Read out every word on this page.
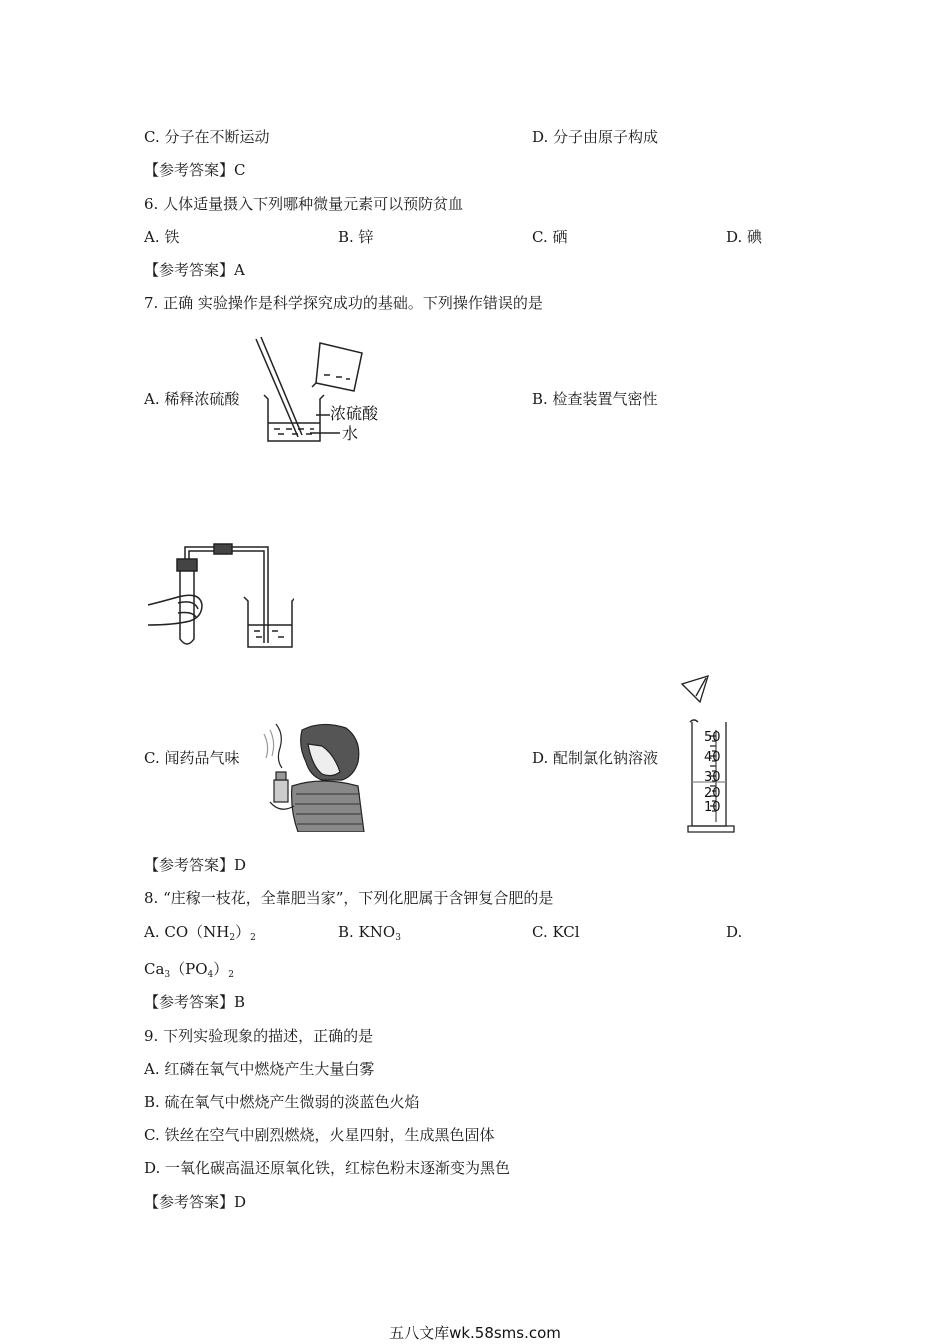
C. 分子在不断运动	D. 分子由原子构成
【参考答案】C
6. 人体适量摄入下列哪种微量元素可以预防贫血
A. 铁	B. 锌	C. 硒	D. 碘
【参考答案】A
7. 正确 实验操作是科学探究成功的基础。下列操作错误的是
A. 稀释浓硫酸	B. 检查装置气密性
浓硫酸
水
C. 闻药品气味	D. 配制氯化钠溶液
50
40
30
20
10
【参考答案】D
8. “庄稼一枝花，全靠肥当家”，下列化肥属于含钾复合肥的是
A. $CO(NH_2)_2$	B. $KNO_3$	C. KCl	D.
$Ca_3(PO_4)_2$
【参考答案】B
9. 下列实验现象的描述，正确的是
A. 红磷在氧气中燃烧产生大量白雾
B. 硫在氧气中燃烧产生微弱的淡蓝色火焰
C. 铁丝在空气中剧烈燃烧，火星四射，生成黑色固体
D. 一氧化碳高温还原氧化铁，红棕色粉末逐渐变为黑色
【参考答案】D
五八文库wk.58sms.com
